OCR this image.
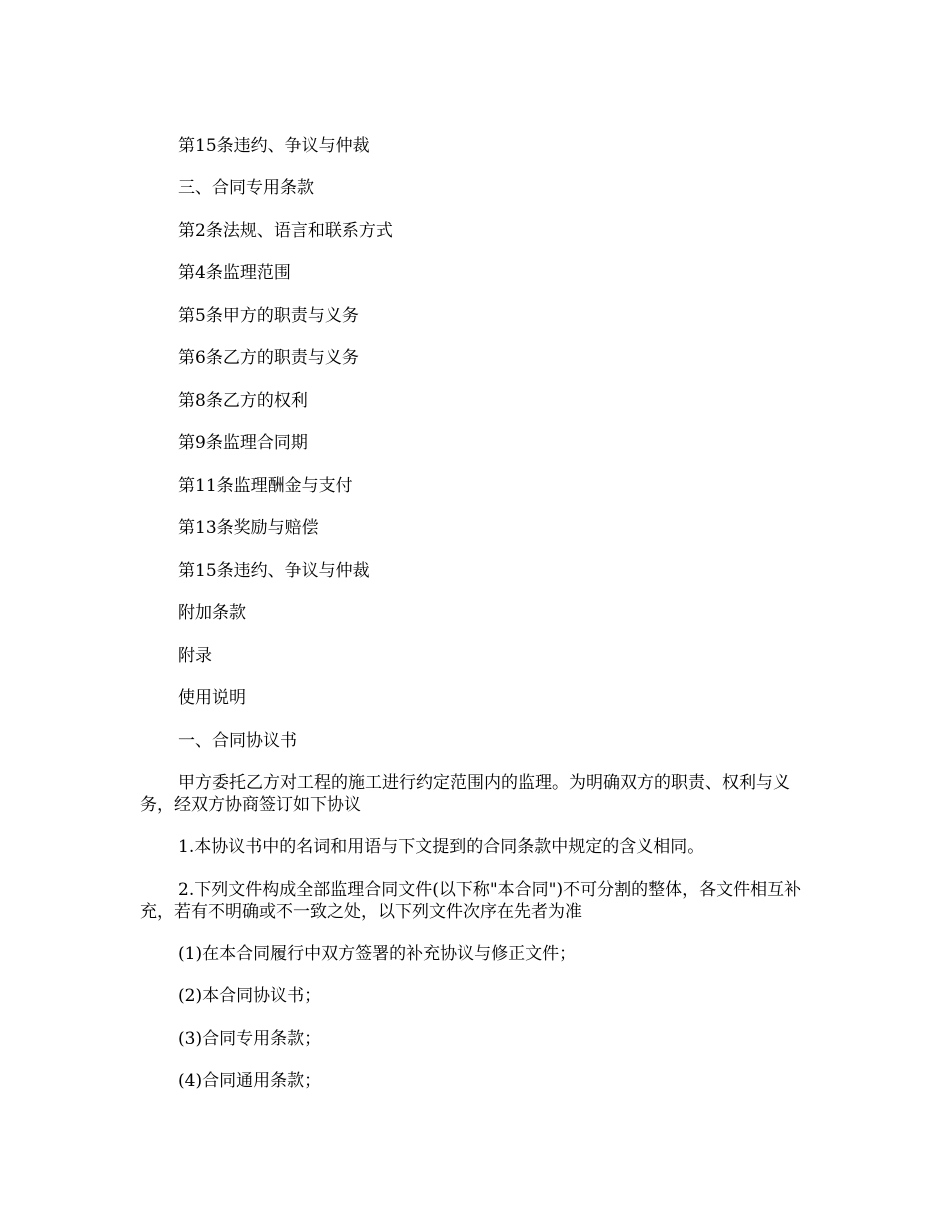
第15条违约、争议与仲裁

三、合同专用条款

第2条法规、语言和联系方式

第4条监理范围

第5条甲方的职责与义务

第6条乙方的职责与义务

第8条乙方的权利

第9条监理合同期

第11条监理酬金与支付

第13条奖励与赔偿

第15条违约、争议与仲裁

附加条款

附录

使用说明

一、合同协议书

甲方委托乙方对工程的施工进行约定范围内的监理。为明确双方的职责、权利与义务，经双方协商签订如下协议

1.本协议书中的名词和用语与下文提到的合同条款中规定的含义相同。

2.下列文件构成全部监理合同文件(以下称"本合同")不可分割的整体，各文件相互补充，若有不明确或不一致之处，以下列文件次序在先者为准

(1)在本合同履行中双方签署的补充协议与修正文件；

(2)本合同协议书；

(3)合同专用条款；

(4)合同通用条款；
